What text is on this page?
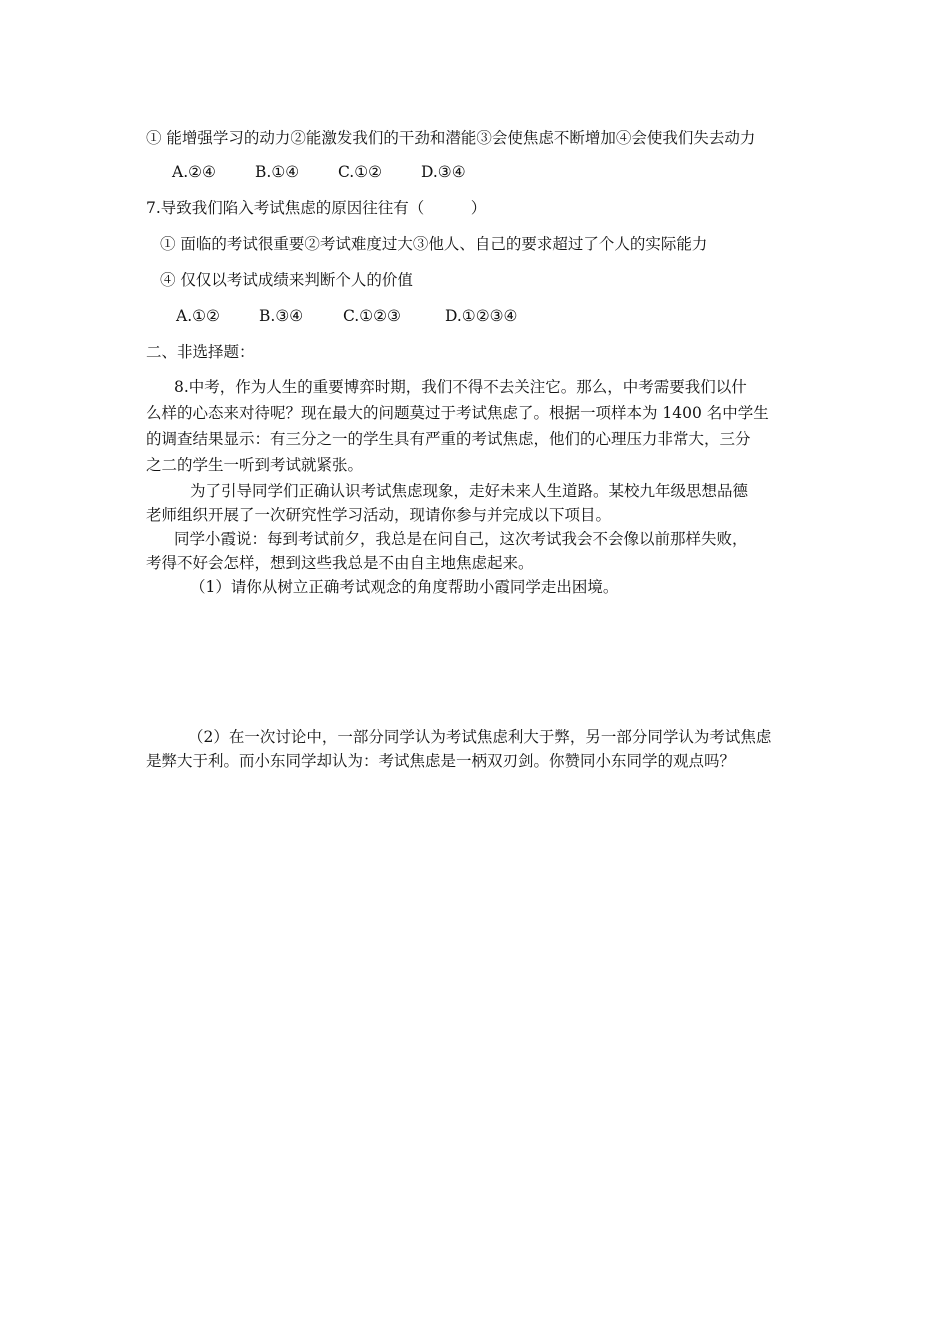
① 能增强学习的动力②能激发我们的干劲和潜能③会使焦虑不断增加④会使我们失去动力
A.②④	B.①④	C.①②	D.③④
7.导致我们陷入考试焦虑的原因往往有（　　　）
① 面临的考试很重要②考试难度过大③他人、自己的要求超过了个人的实际能力
④ 仅仅以考试成绩来判断个人的价值
A.①②	B.③④	C.①②③	D.①②③④
二、非选择题：
8.中考，作为人生的重要博弈时期，我们不得不去关注它。那么，中考需要我们以什
么样的心态来对待呢？现在最大的问题莫过于考试焦虑了。根据一项样本为 1400 名中学生
的调查结果显示：有三分之一的学生具有严重的考试焦虑，他们的心理压力非常大，三分
之二的学生一听到考试就紧张。
为了引导同学们正确认识考试焦虑现象，走好未来人生道路。某校九年级思想品德
老师组织开展了一次研究性学习活动，现请你参与并完成以下项目。
同学小霞说：每到考试前夕，我总是在问自己，这次考试我会不会像以前那样失败，
考得不好会怎样，想到这些我总是不由自主地焦虑起来。
（1）请你从树立正确考试观念的角度帮助小霞同学走出困境。
（2）在一次讨论中，一部分同学认为考试焦虑利大于弊，另一部分同学认为考试焦虑
是弊大于利。而小东同学却认为：考试焦虑是一柄双刃剑。你赞同小东同学的观点吗？
